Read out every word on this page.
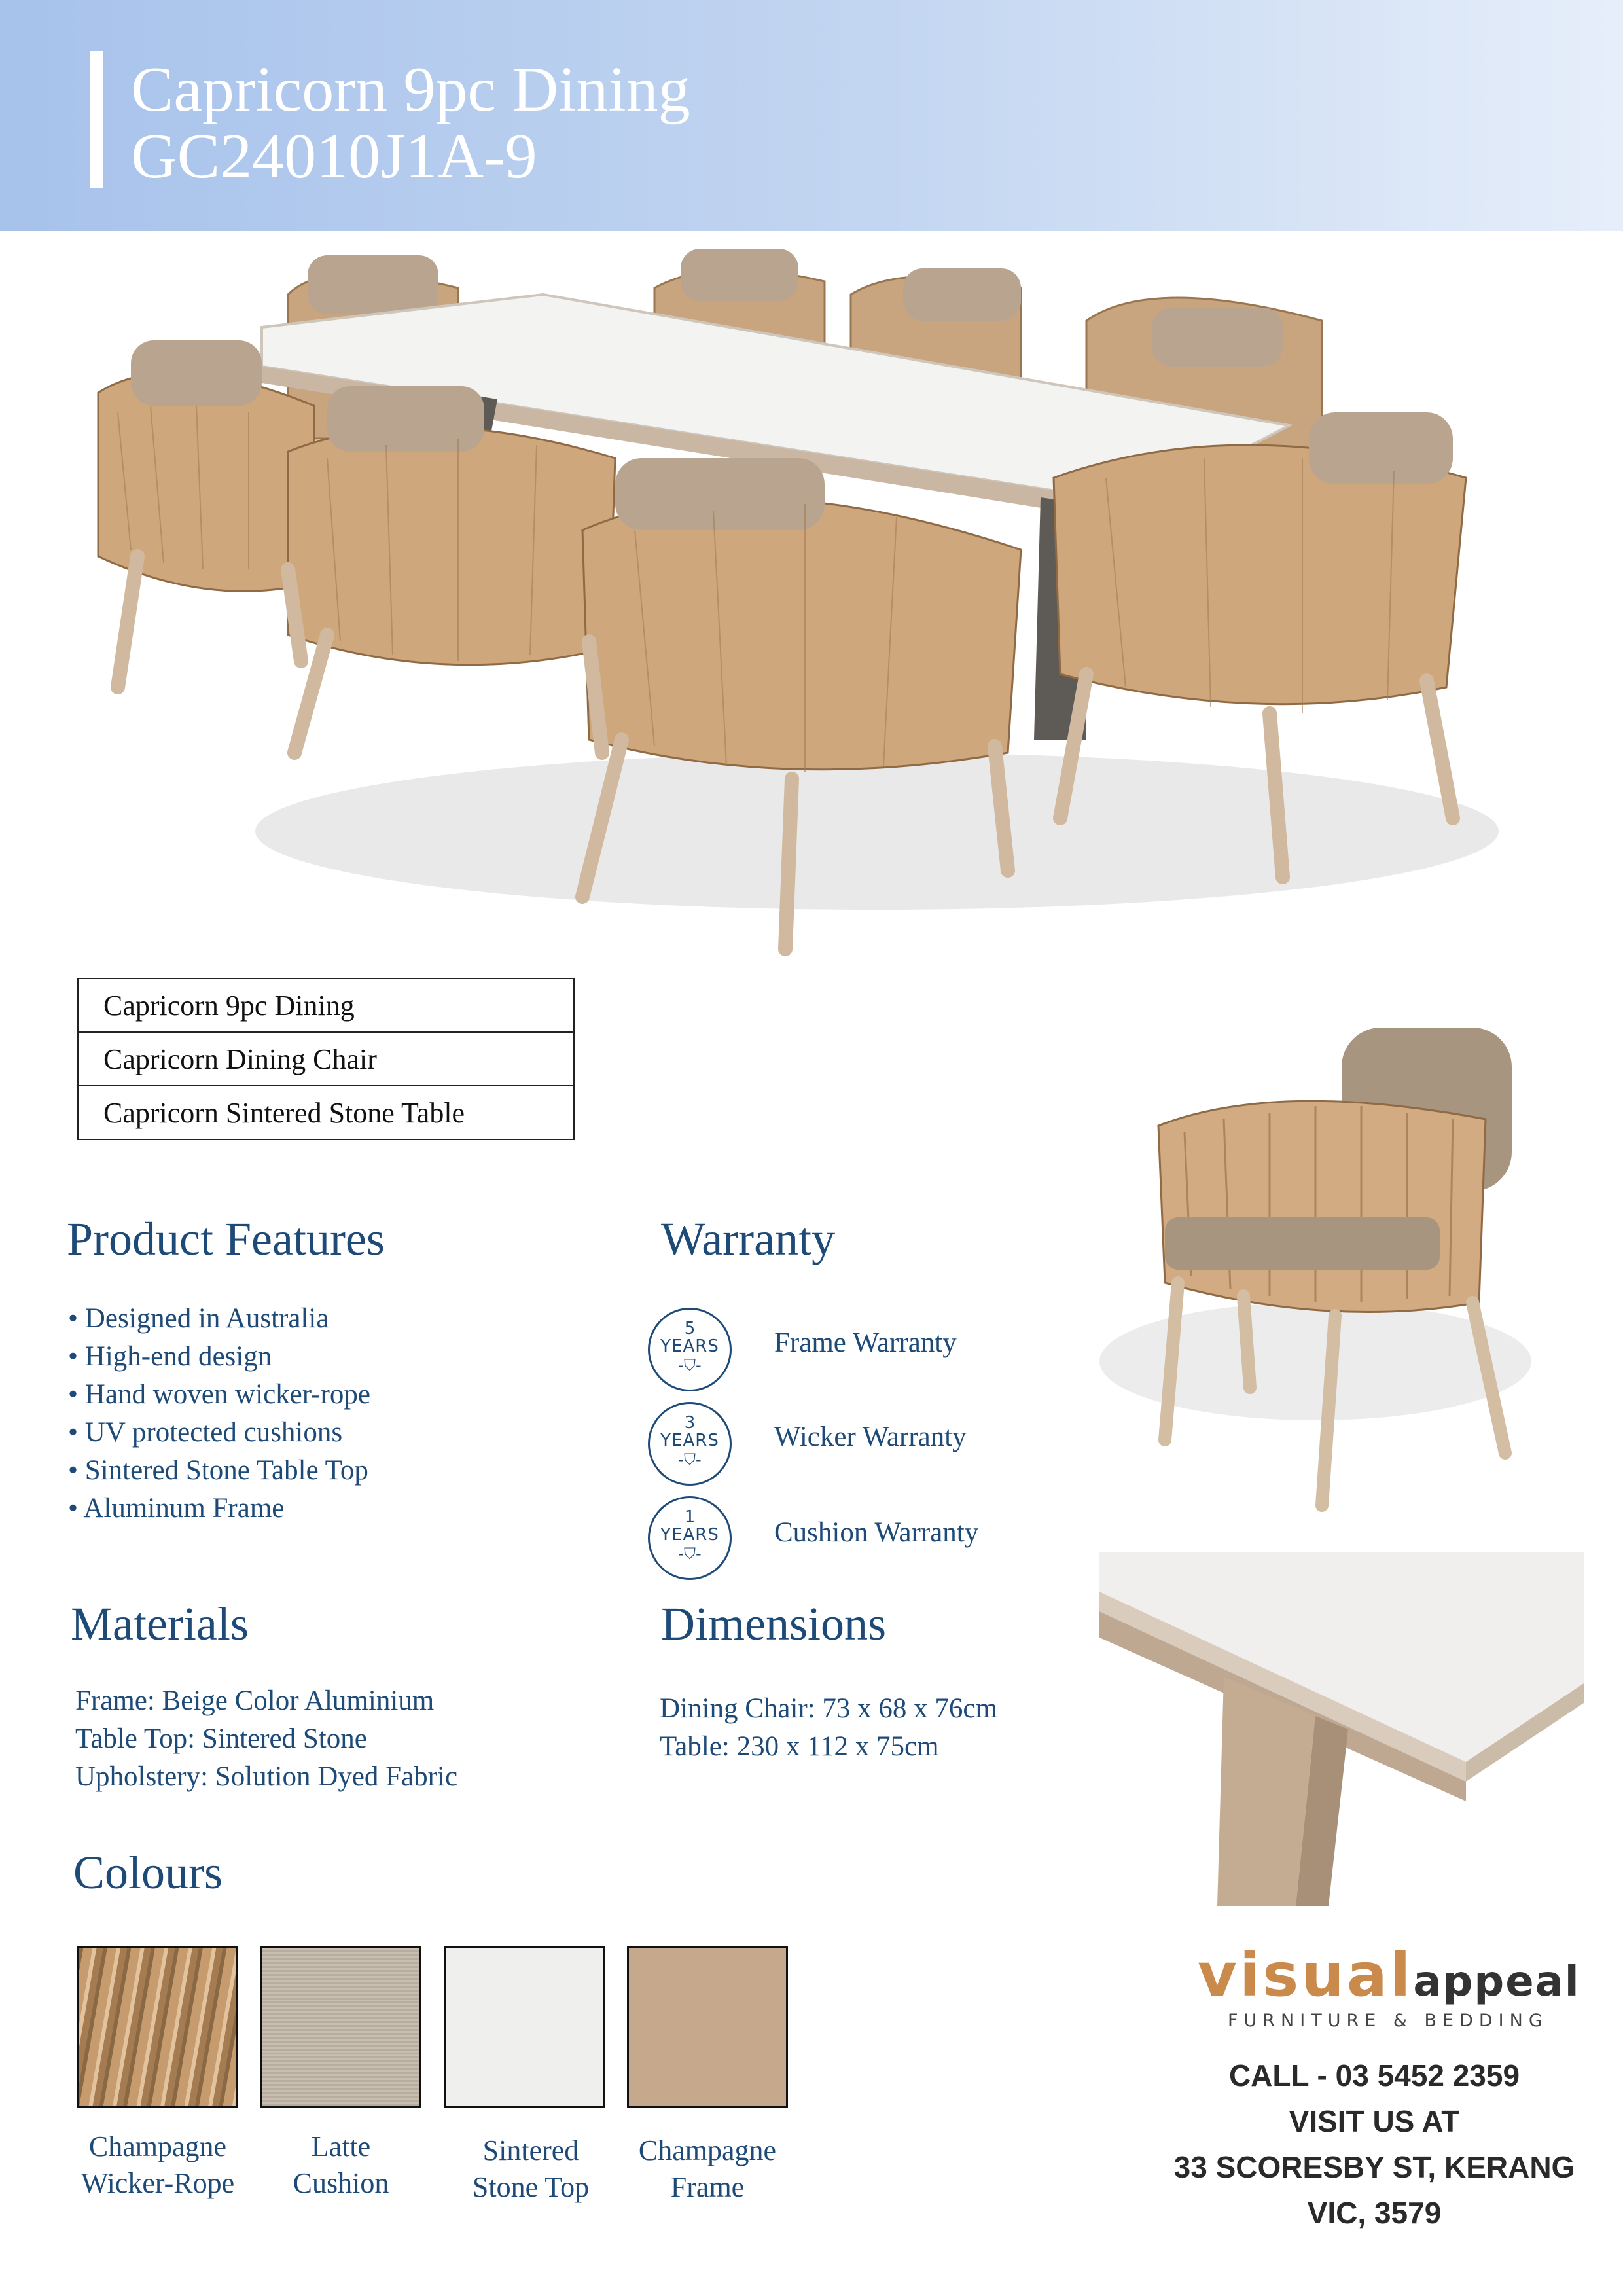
Capricorn 9pc Dining
GC24010J1A-9
Capricorn 9pc Dining
Capricorn Dining Chair
Capricorn Sintered Stone Table
Product Features
• Designed in Australia
• High-end design
• Hand woven wicker-rope
• UV protected cushions
• Sintered Stone Table Top
• Aluminum Frame
Warranty
5
YEARS
-⛉-
Frame Warranty
3
YEARS
-⛉-
Wicker Warranty
1
YEARS
-⛉-
Cushion Warranty
Materials
Frame: Beige Color Aluminium
Table Top: Sintered Stone
Upholstery: Solution Dyed Fabric
Dimensions
Dining Chair: 73 x 68 x 76cm
Table: 230 x 112 x 75cm
Colours
Champagne
Wicker-Rope
Latte
Cushion
Sintered
Stone Top
Champagne
Frame
visualappeal
FURNITURE & BEDDING
CALL - 03 5452 2359
VISIT US AT
33 SCORESBY ST, KERANG
VIC, 3579
